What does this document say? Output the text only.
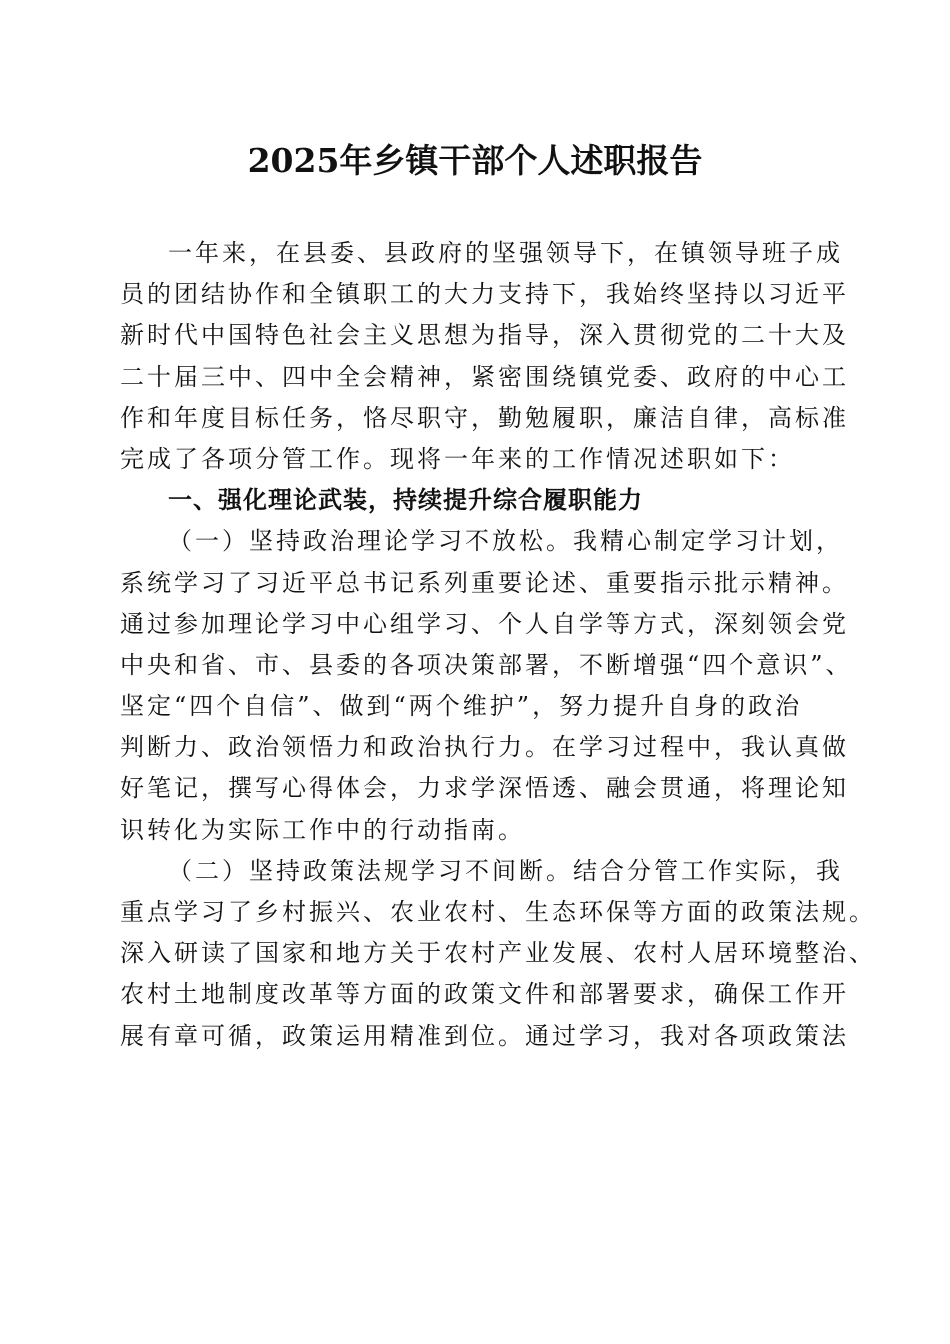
2025年乡镇干部个人述职报告
一年来，在县委、县政府的坚强领导下，在镇领导班子成
员的团结协作和全镇职工的大力支持下，我始终坚持以习近平
新时代中国特色社会主义思想为指导，深入贯彻党的二十大及
二十届三中、四中全会精神，紧密围绕镇党委、政府的中心工
作和年度目标任务，恪尽职守，勤勉履职，廉洁自律，高标准
完成了各项分管工作。现将一年来的工作情况述职如下：
一、强化理论武装，持续提升综合履职能力
（一）坚持政治理论学习不放松。我精心制定学习计划，
系统学习了习近平总书记系列重要论述、重要指示批示精神。
通过参加理论学习中心组学习、个人自学等方式，深刻领会党
中央和省、市、县委的各项决策部署，不断增强“四个意识”、
坚定“四个自信”、做到“两个维护”，努力提升自身的政治
判断力、政治领悟力和政治执行力。在学习过程中，我认真做
好笔记，撰写心得体会，力求学深悟透、融会贯通，将理论知
识转化为实际工作中的行动指南。
（二）坚持政策法规学习不间断。结合分管工作实际，我
重点学习了乡村振兴、农业农村、生态环保等方面的政策法规。
深入研读了国家和地方关于农村产业发展、农村人居环境整治、
农村土地制度改革等方面的政策文件和部署要求，确保工作开
展有章可循，政策运用精准到位。通过学习，我对各项政策法
